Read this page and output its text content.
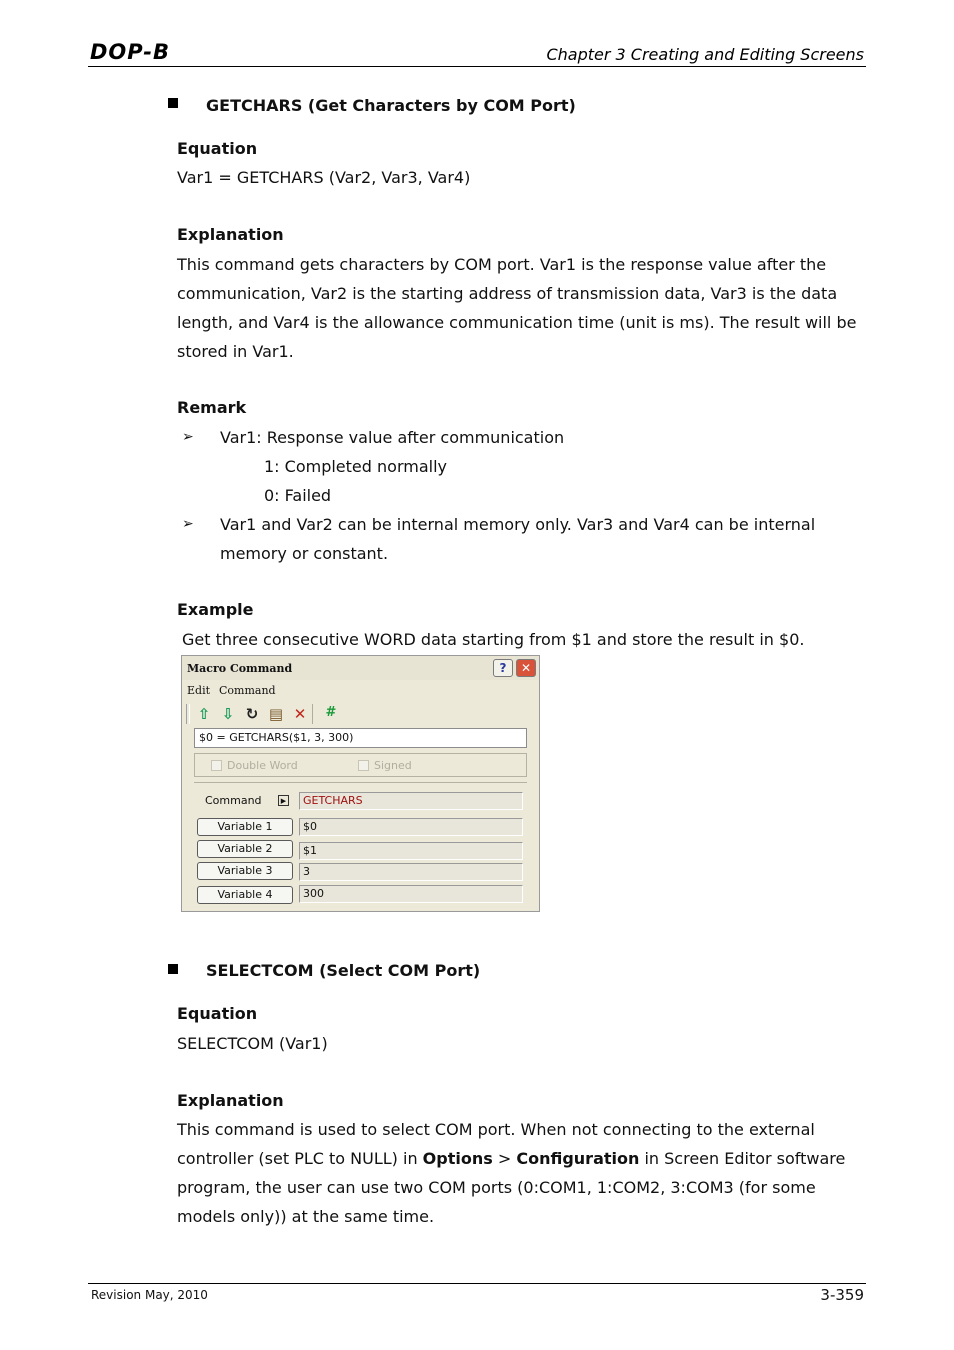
DOP-B	Chapter 3 Creating and Editing Screens
GETCHARS (Get Characters by COM Port)
Equation
Var1 = GETCHARS (Var2, Var3, Var4)
Explanation
This command gets characters by COM port. Var1 is the response value after the communication, Var2 is the starting address of transmission data, Var3 is the data length, and Var4 is the allowance communication time (unit is ms). The result will be stored in Var1.
Remark
➢ Var1: Response value after communication
1: Completed normally
0: Failed
➢ Var1 and Var2 can be internal memory only. Var3 and Var4 can be internal memory or constant.
Example
Get three consecutive WORD data starting from $1 and store the result in $0.
Macro Command	?	✕
Edit Command
⇧ ⇩ ↻ ▤ ✕ #
$0 = GETCHARS($1, 3, 300)
Double Word	Signed
Command	▶	GETCHARS
Variable 1	$0
Variable 2	$1
Variable 3	3
Variable 4	300
SELECTCOM (Select COM Port)
Equation
SELECTCOM (Var1)
Explanation
This command is used to select COM port. When not connecting to the external controller (set PLC to NULL) in Options > Configuration in Screen Editor software program, the user can use two COM ports (0:COM1, 1:COM2, 3:COM3 (for some models only)) at the same time.
Revision May, 2010	3-359
